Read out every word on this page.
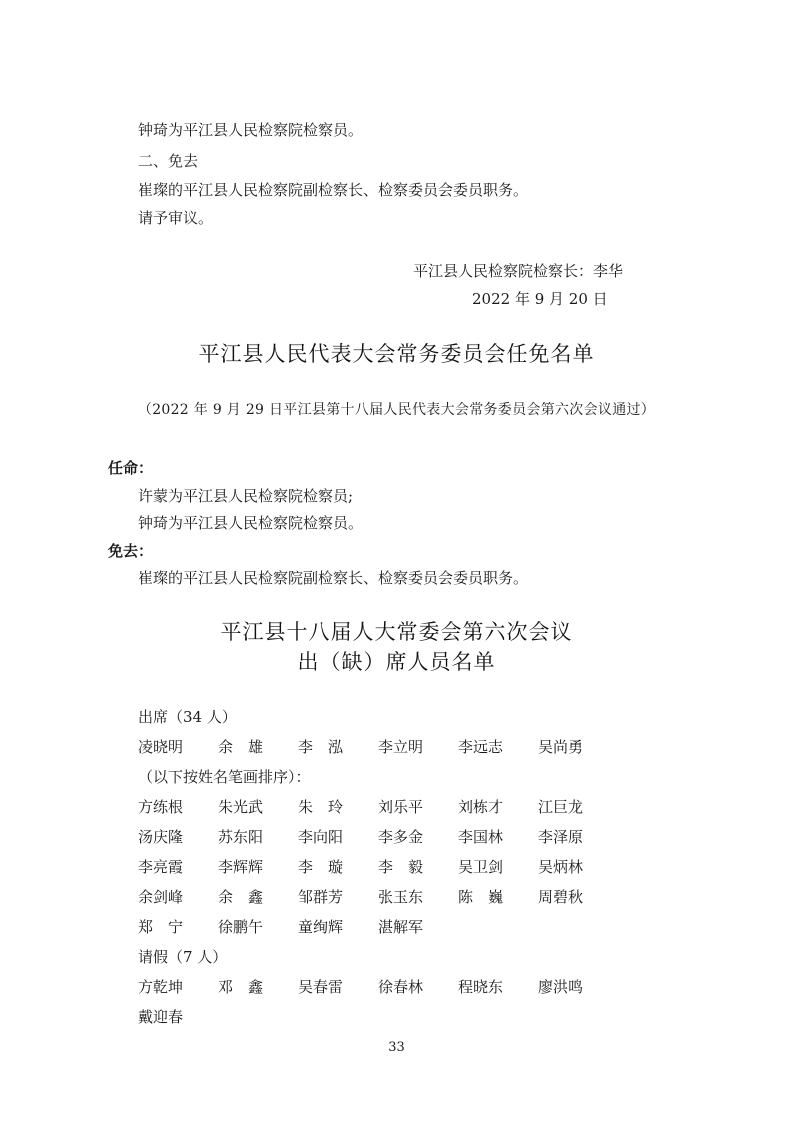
钟琦为平江县人民检察院检察员。
二、免去
崔璨的平江县人民检察院副检察长、检察委员会委员职务。
请予审议。
平江县人民检察院检察长：李华
2022 年 9 月 20 日
平江县人民代表大会常务委员会任免名单
（2022 年 9 月 29 日平江县第十八届人民代表大会常务委员会第六次会议通过）
任命：
许蒙为平江县人民检察院检察员;
钟琦为平江县人民检察院检察员。
免去：
崔璨的平江县人民检察院副检察长、检察委员会委员职务。
平江县十八届人大常委会第六次会议
出（缺）席人员名单
出席（34 人）
凌晓明	余　雄	李　泓	李立明	李远志	吴尚勇
（以下按姓名笔画排序）：
方练根	朱光武	朱　玲	刘乐平	刘栋才	江巨龙
汤庆隆	苏东阳	李向阳	李多金	李国林	李泽原
李亮霞	李辉辉	李　璇	李　毅	吴卫剑	吴炳林
余剑峰	余　鑫	邹群芳	张玉东	陈　巍	周碧秋
郑　宁	徐鹏午	童绚辉	湛解军
请假（7 人）
方乾坤	邓　鑫	吴春雷	徐春林	程晓东	廖洪鸣
戴迎春
33
